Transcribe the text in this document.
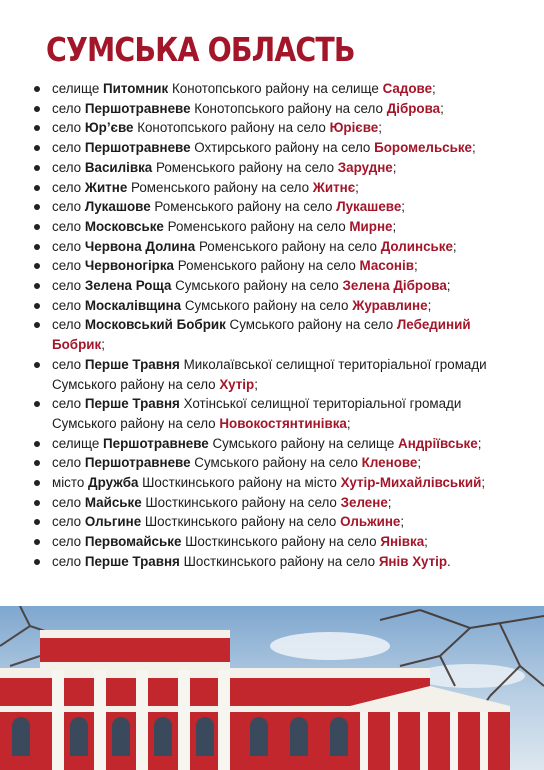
СУМСЬКА ОБЛАСТЬ
селище Питомник Конотопського району на селище Садове;
село Першотравневе Конотопського району на село Діброва;
село Юр’єве Конотопського району на село Юрієве;
село Першотравневе Охтирського району на село Боромельське;
село Василівка Роменського району на село Зарудне;
село Житне Роменського району на село Житнє;
село Лукашове Роменського району на село Лукашеве;
село Московське Роменського району на село Мирне;
село Червона Долина Роменського району на село Долинське;
село Червоногірка Роменського району на село Масонів;
село Зелена Роща Сумського району на село Зелена Діброва;
село Москалівщина Сумського району на село Журавлине;
село Московський Бобрик Сумського району на село Лебединий Бобрик;
село Перше Травня Миколаївської селищної територіальної громади Сумського району на село Хутір;
село Перше Травня Хотінської селищної територіальної громади Сумського району на село Новокостянтинівка;
селище Першотравневе Сумського району на селище Андріївське;
село Першотравневе Сумського району на село Кленове;
місто Дружба Шосткинського району на місто Хутір-Михайлівський;
село Майське Шосткинського району на село Зелене;
село Ольгине Шосткинського району на село Ольжине;
село Первомайське Шосткинського району на село Янівка;
село Перше Травня Шосткинського району на село Янів Хутір.
